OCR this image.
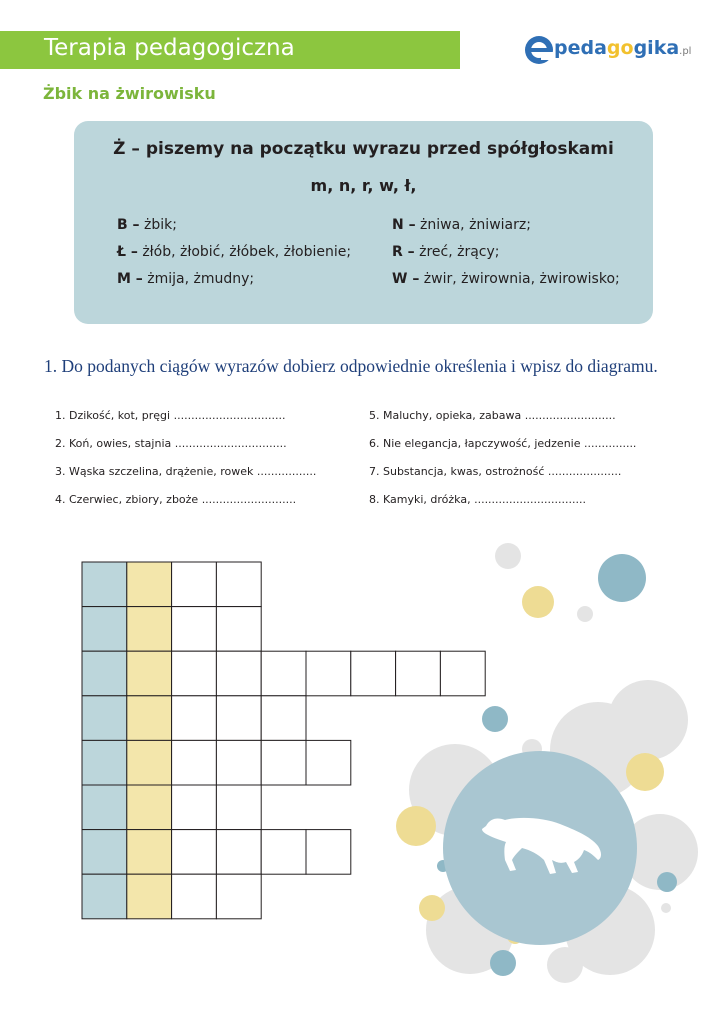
Terapia pedagogiczna	pedagogika.pl
Żbik na żwirowisku
Ż – piszemy na początku wyrazu przed spółgłoskami
m, n, r, w, ł,
B – żbik;
Ł – żłób, żłobić, żłóbek, żłobienie;
M – żmija, żmudny;
N – żniwa, żniwiarz;
R – żreć, żrący;
W – żwir, żwirownia, żwirowisko;
1. Do podanych ciągów wyrazów dobierz odpowiednie określenia i wpisz do diagramu.
1. Dzikość, kot, pręgi ................................
2. Koń, owies, stajnia ................................
3. Wąska szczelina, drążenie, rowek .................
4. Czerwiec, zbiory, zboże ...........................
5. Maluchy, opieka, zabawa ..........................
6. Nie elegancja, łapczywość, jedzenie ...............
7. Substancja, kwas, ostrożność .....................
8. Kamyki, dróżka, ................................
